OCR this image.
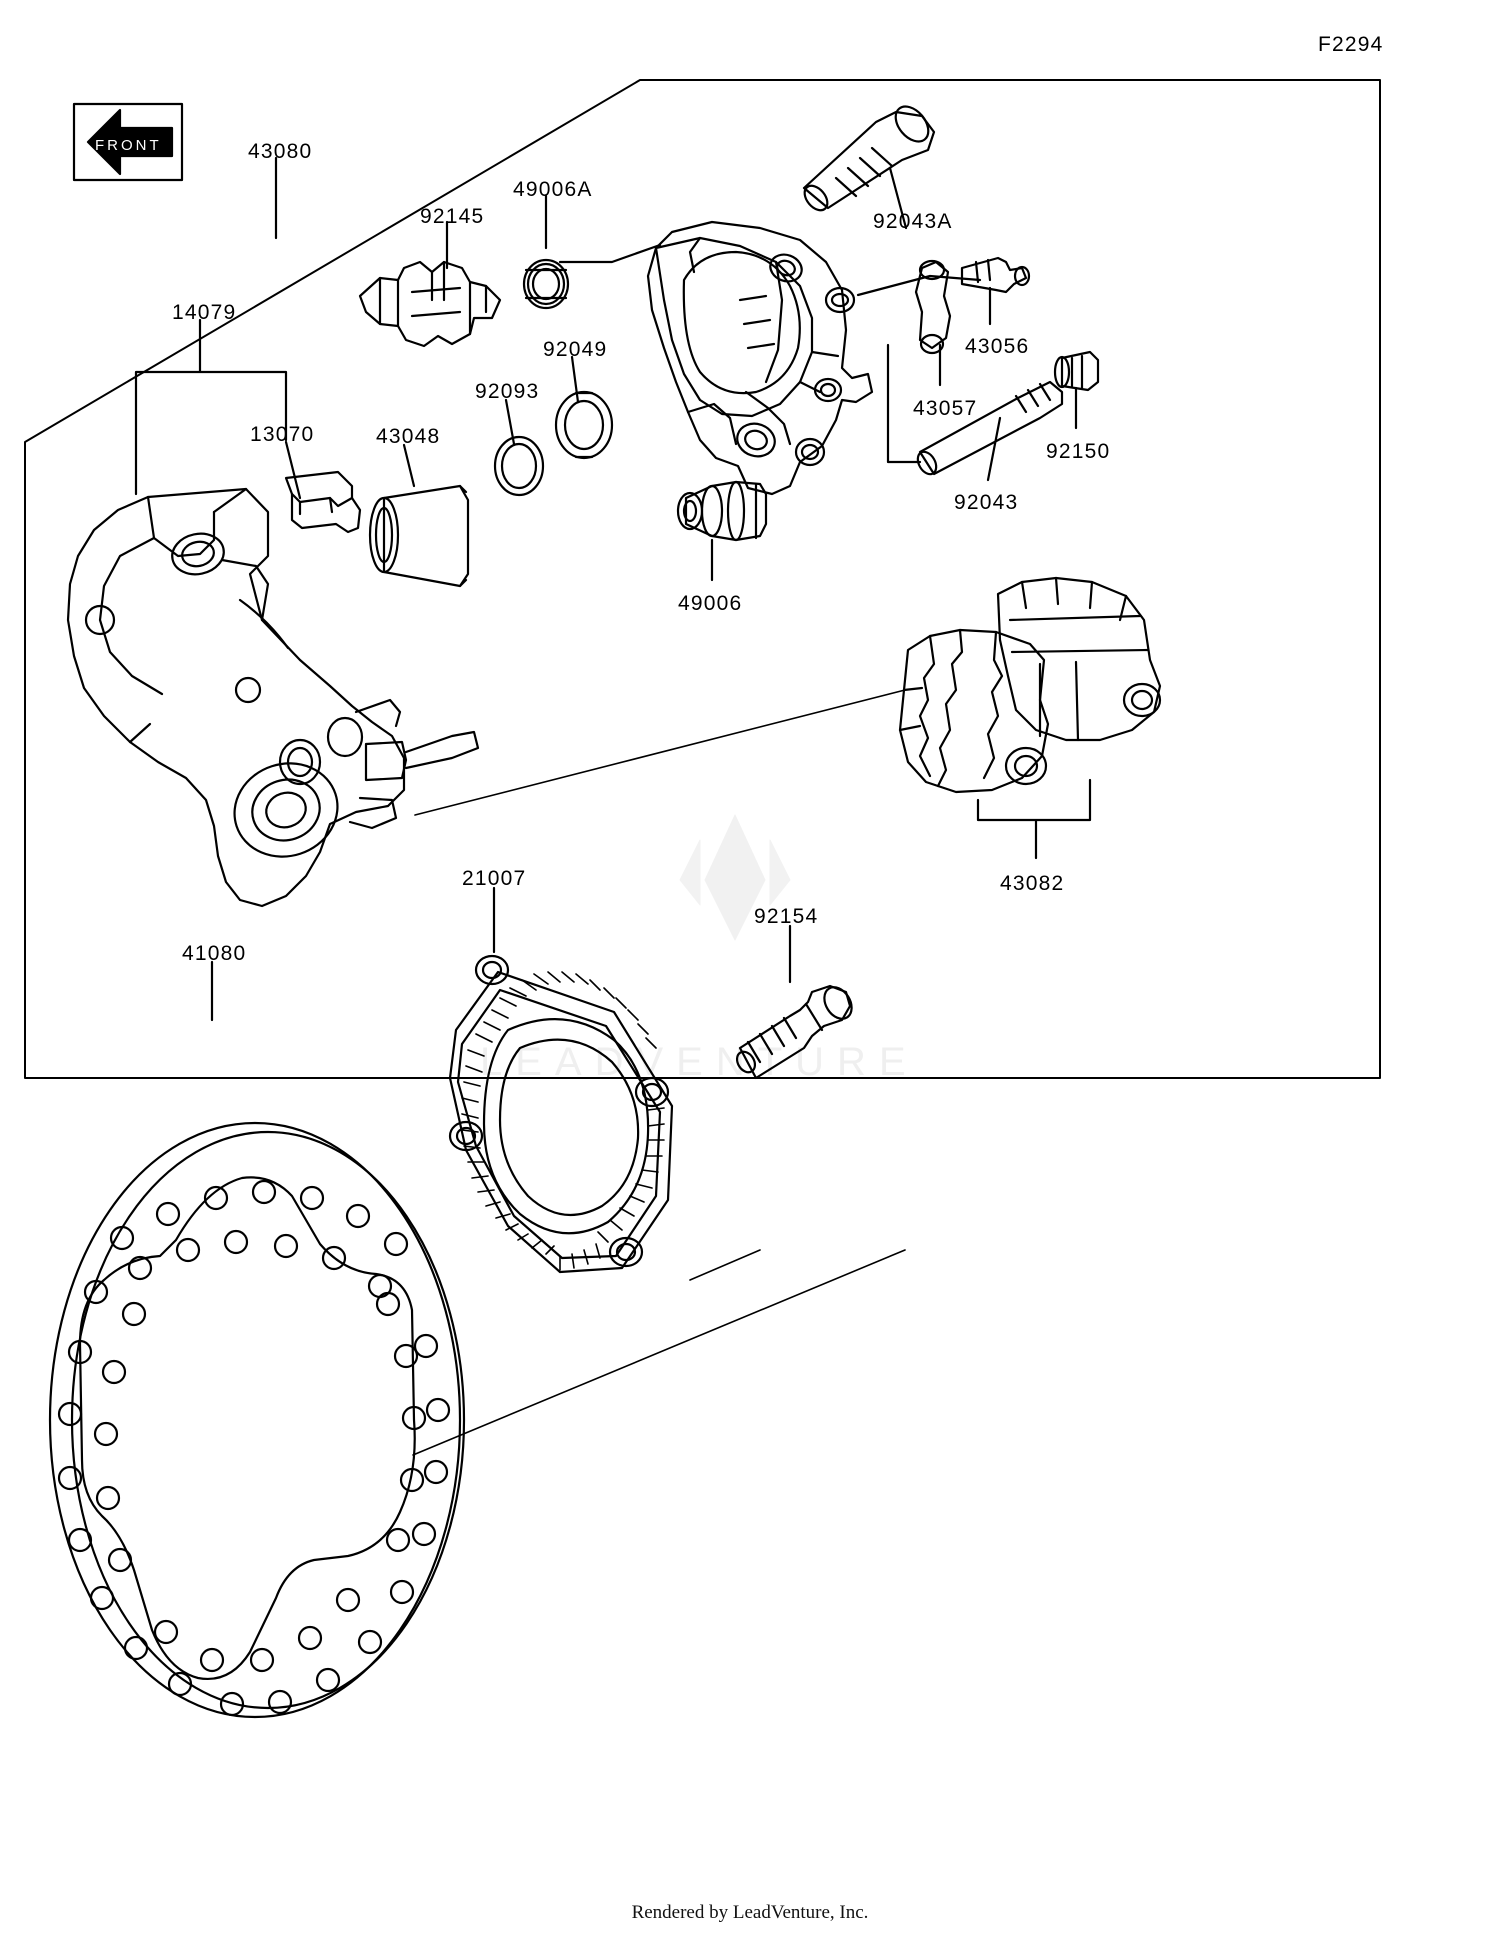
LEADVENTURE
FRONT
F2294
43080
92145
49006A
92043A
14079
92049	43056
92093
43057
13070	43048
92150
92043
49006
43082
21007
92154
41080
Rendered by LeadVenture, Inc.
